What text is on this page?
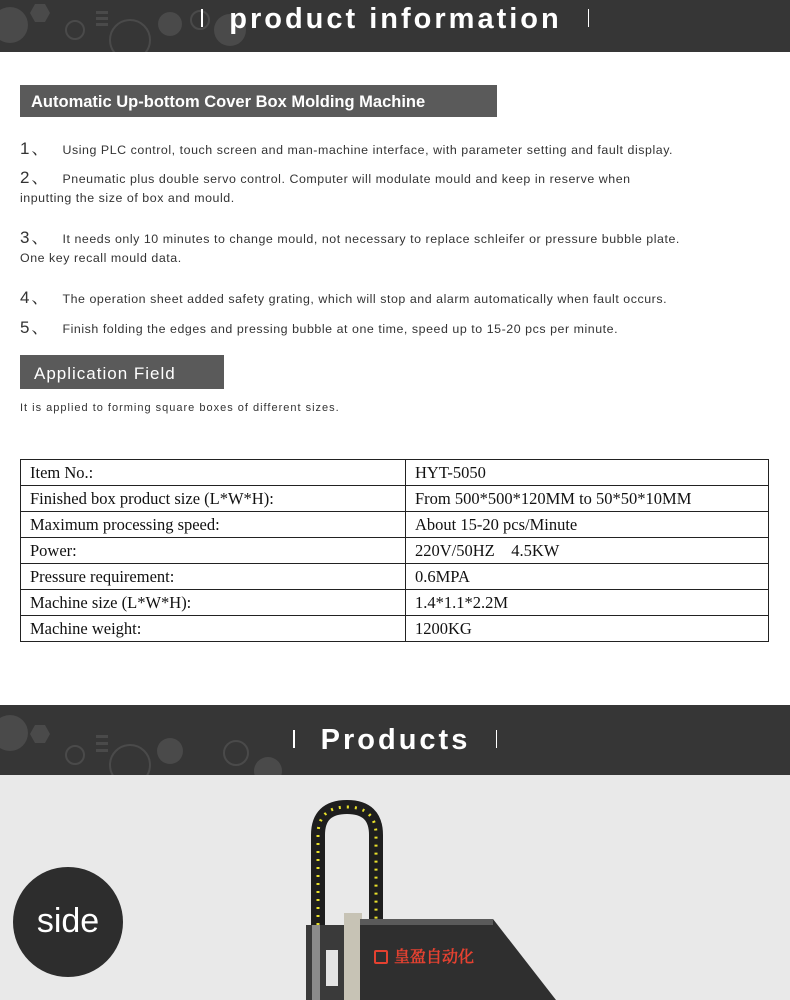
product information
Automatic Up-bottom Cover Box Molding Machine
1 、 Using PLC control, touch screen and man-machine interface, with parameter setting and fault display.
2 、 Pneumatic plus double servo control. Computer will modulate mould and keep in reserve when
inputting the size of box and mould.
3 、 It needs only 10 minutes to change mould, not necessary to replace schleifer or pressure bubble plate.
One key recall mould data.
4 、 The operation sheet added safety grating, which will stop and alarm automatically when fault occurs.
5 、 Finish folding the edges and pressing bubble at one time, speed up to 15-20 pcs per minute.
Application Field
It is applied to forming square boxes of different sizes.
Item No.:	HYT-5050
Finished box product size (L*W*H):	From 500*500*120MM to 50*50*10MM
Maximum processing speed:	About 15-20 pcs/Minute
Power:	220V/50HZ    4.5KW
Pressure requirement:	0.6MPA
Machine size (L*W*H):	1.4*1.1*2.2M
Machine weight:	1200KG
Products
皇盈自动化
side
